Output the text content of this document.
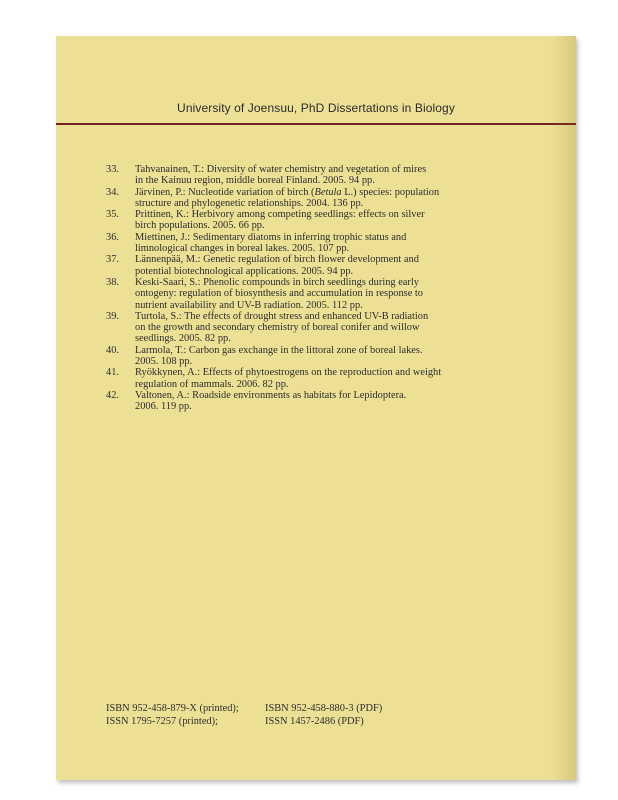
University of Joensuu, PhD Dissertations in Biology
33.	Tahvanainen, T.: Diversity of water chemistry and vegetation of mires
in the Kainuu region, middle boreal Finland. 2005. 94 pp.
34.	Järvinen, P.: Nucleotide variation of birch (Betula L.) species: population
structure and phylogenetic relationships. 2004. 136 pp.
35.	Prittinen, K.: Herbivory among competing seedlings: effects on silver
birch populations. 2005. 66 pp.
36.	Miettinen, J.: Sedimentary diatoms in inferring trophic status and
limnological changes in boreal lakes. 2005. 107 pp.
37.	Lännenpää, M.: Genetic regulation of birch flower development and
potential biotechnological applications. 2005. 94 pp.
38.	Keski-Saari, S.: Phenolic compounds in birch seedlings during early
ontogeny: regulation of biosynthesis and accumulation in response to
nutrient availability and UV-B radiation. 2005. 112 pp.
39.	Turtola, S.: The effects of drought stress and enhanced UV-B radiation
on the growth and secondary chemistry of boreal conifer and willow
seedlings. 2005. 82 pp.
40.	Larmola, T.: Carbon gas exchange in the littoral zone of boreal lakes.
2005. 108 pp.
41.	Ryökkynen, A.: Effects of phytoestrogens on the reproduction and weight
regulation of mammals. 2006. 82 pp.
42.	Valtonen, A.: Roadside environments as habitats for Lepidoptera.
2006. 119 pp.
ISBN 952-458-879-X (printed);	ISBN 952-458-880-3 (PDF)
ISSN 1795-7257 (printed);	ISSN 1457-2486 (PDF)
